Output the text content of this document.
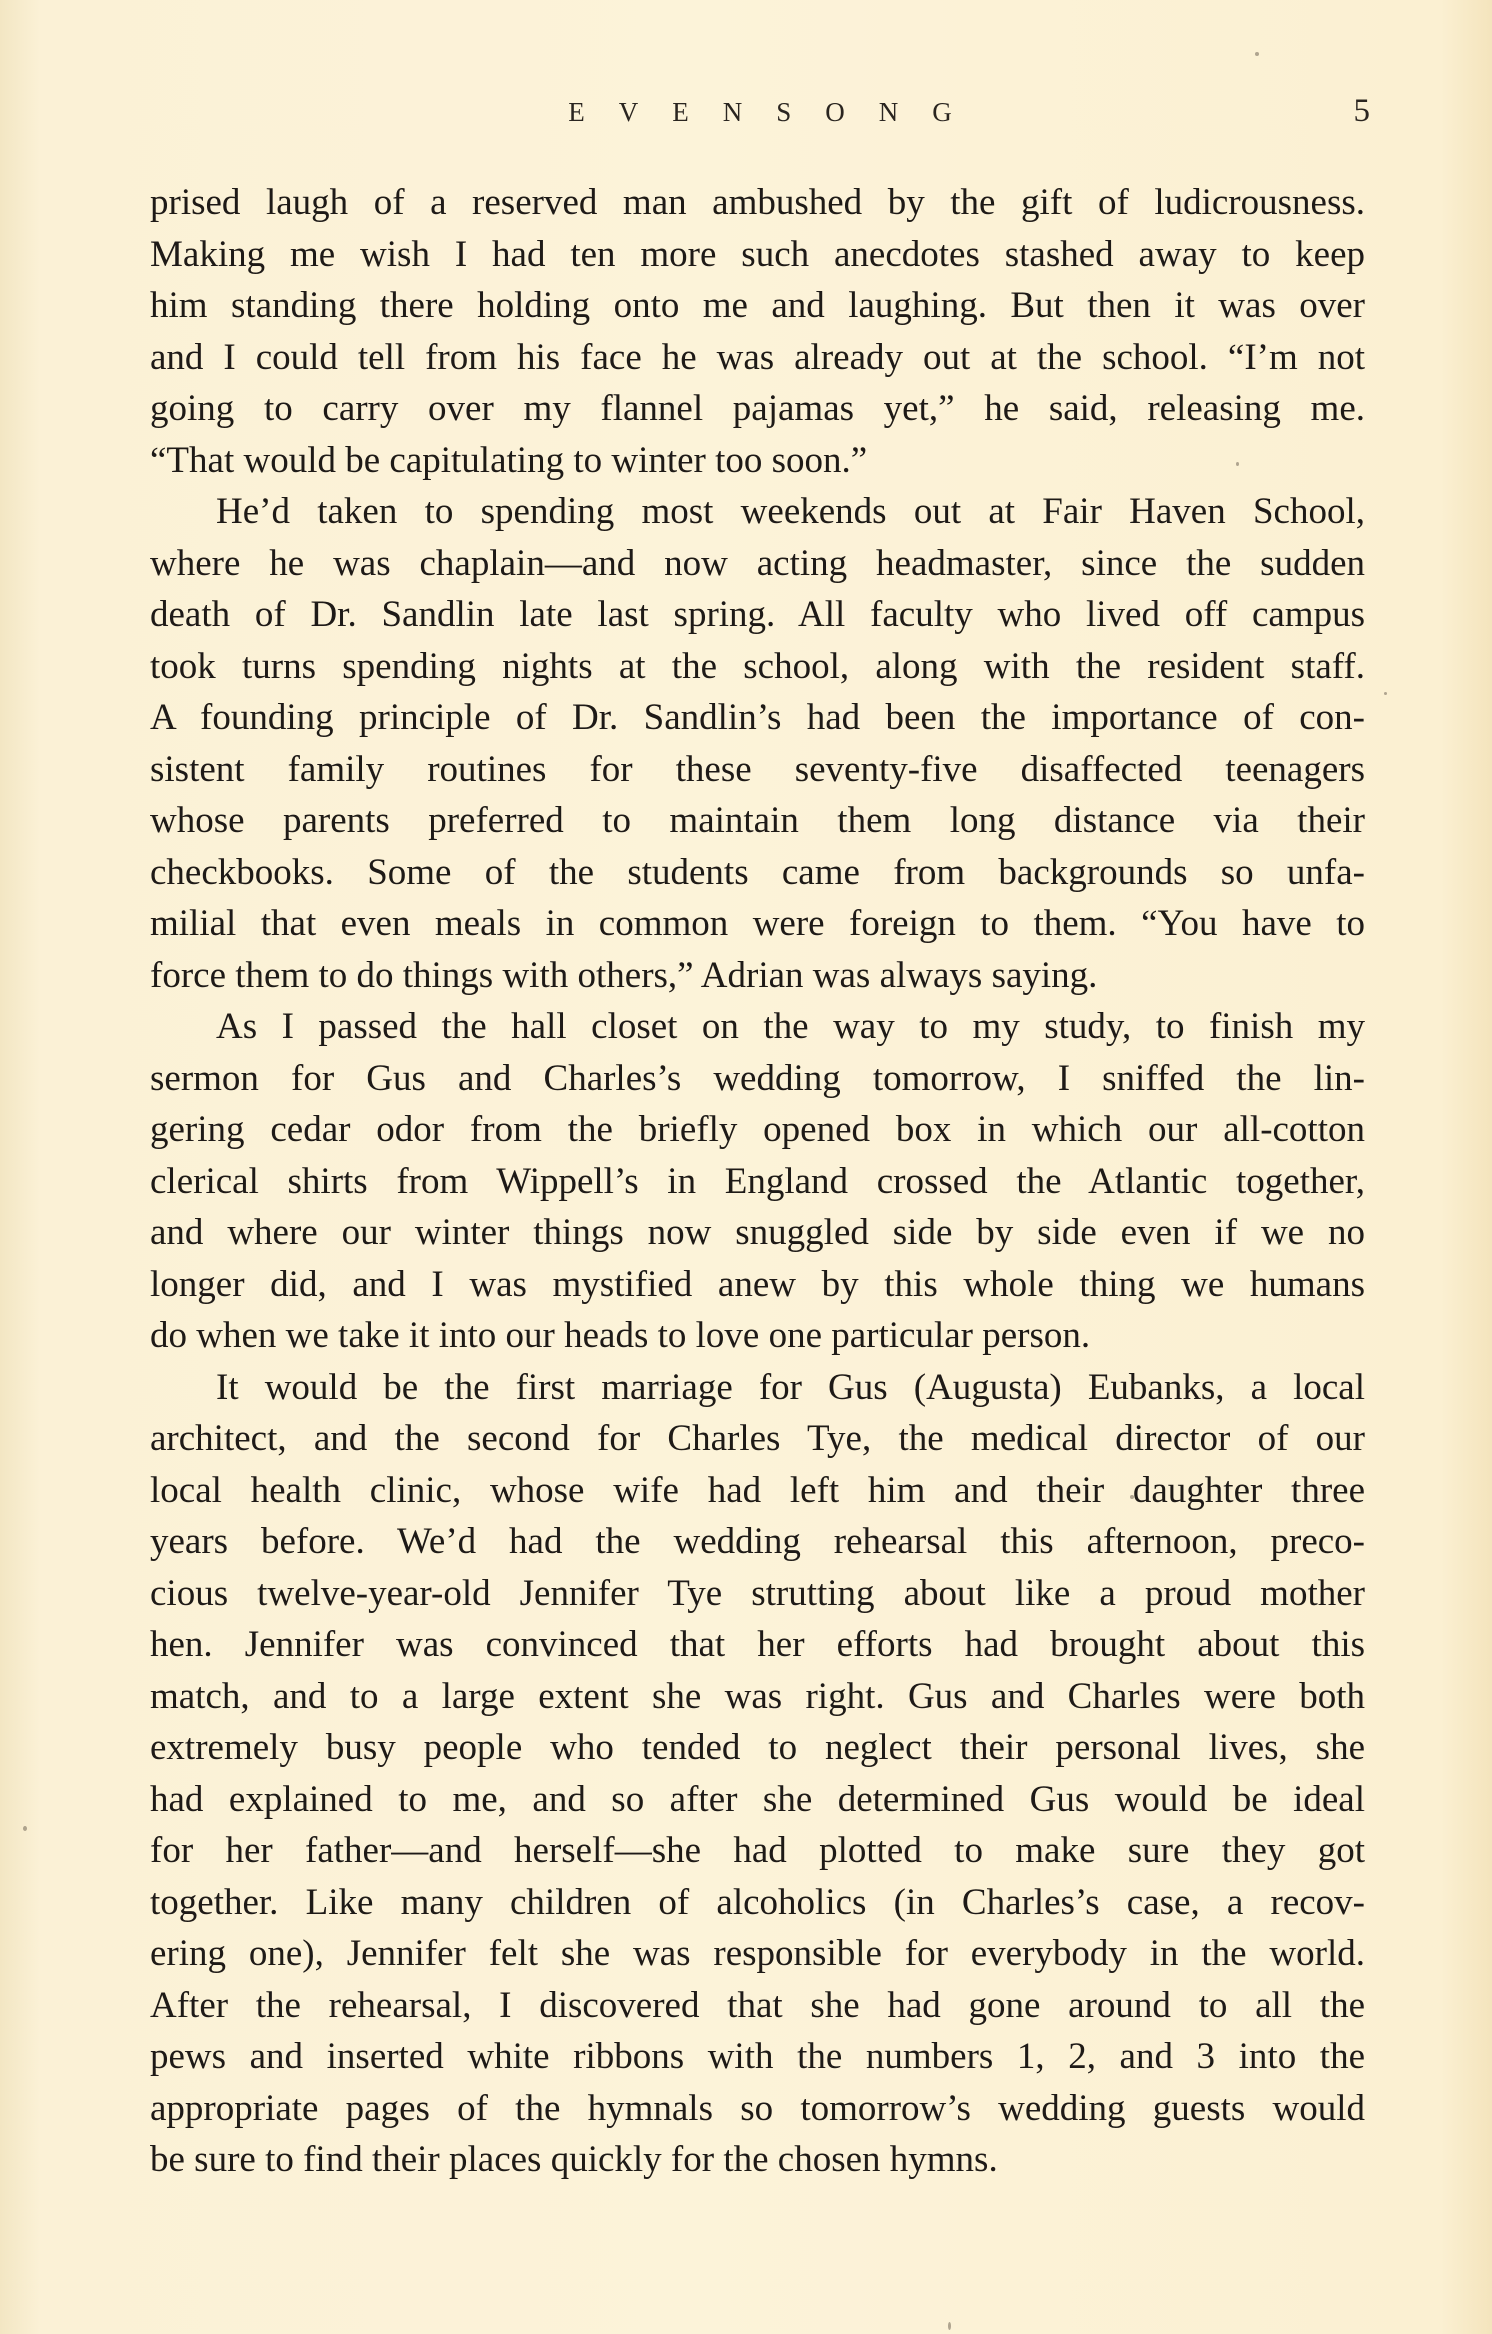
EVENSONG	5

prised laugh of a reserved man ambushed by the gift of ludicrousness.

Making me wish I had ten more such anecdotes stashed away to keep

him standing there holding onto me and laughing. But then it was over

and I could tell from his face he was already out at the school. “I’m not

going to carry over my flannel pajamas yet,” he said, releasing me.

“That would be capitulating to winter too soon.”

He’d taken to spending most weekends out at Fair Haven School,

where he was chaplain—and now acting headmaster, since the sudden

death of Dr. Sandlin late last spring. All faculty who lived off campus

took turns spending nights at the school, along with the resident staff.

A founding principle of Dr. Sandlin’s had been the importance of con-

sistent family routines for these seventy-five disaffected teenagers

whose parents preferred to maintain them long distance via their

checkbooks. Some of the students came from backgrounds so unfa-

milial that even meals in common were foreign to them. “You have to

force them to do things with others,” Adrian was always saying.

As I passed the hall closet on the way to my study, to finish my

sermon for Gus and Charles’s wedding tomorrow, I sniffed the lin-

gering cedar odor from the briefly opened box in which our all-cotton

clerical shirts from Wippell’s in England crossed the Atlantic together,

and where our winter things now snuggled side by side even if we no

longer did, and I was mystified anew by this whole thing we humans

do when we take it into our heads to love one particular person.

It would be the first marriage for Gus (Augusta) Eubanks, a local

architect, and the second for Charles Tye, the medical director of our

local health clinic, whose wife had left him and their daughter three

years before. We’d had the wedding rehearsal this afternoon, preco-

cious twelve-year-old Jennifer Tye strutting about like a proud mother

hen. Jennifer was convinced that her efforts had brought about this

match, and to a large extent she was right. Gus and Charles were both

extremely busy people who tended to neglect their personal lives, she

had explained to me, and so after she determined Gus would be ideal

for her father—and herself—she had plotted to make sure they got

together. Like many children of alcoholics (in Charles’s case, a recov-

ering one), Jennifer felt she was responsible for everybody in the world.

After the rehearsal, I discovered that she had gone around to all the

pews and inserted white ribbons with the numbers 1, 2, and 3 into the

appropriate pages of the hymnals so tomorrow’s wedding guests would

be sure to find their places quickly for the chosen hymns.
